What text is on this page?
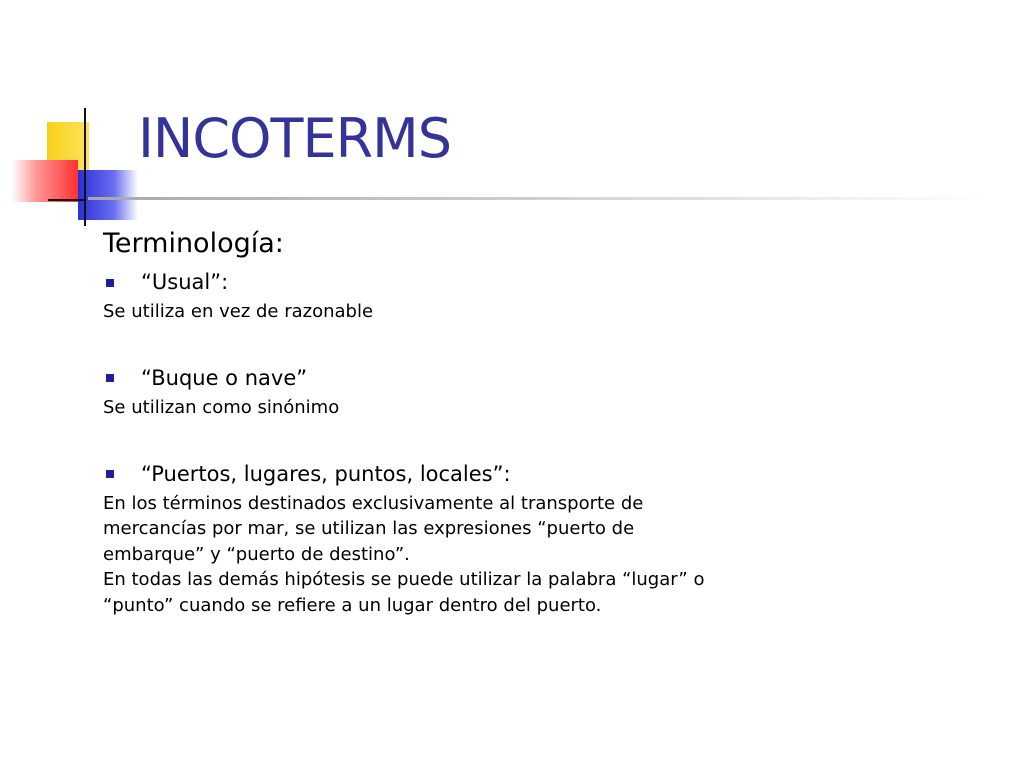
INCOTERMS
Terminología:
“Usual”:

Se utiliza en vez de razonable

“Buque o nave”

Se utilizan como sinónimo

“Puertos, lugares, puntos, locales”:
En los términos destinados exclusivamente al transporte de
mercancías por mar, se utilizan las expresiones “puerto de
embarque” y “puerto de destino”.
En todas las demás hipótesis se puede utilizar la palabra “lugar” o
“punto” cuando se refiere a un lugar dentro del puerto.
